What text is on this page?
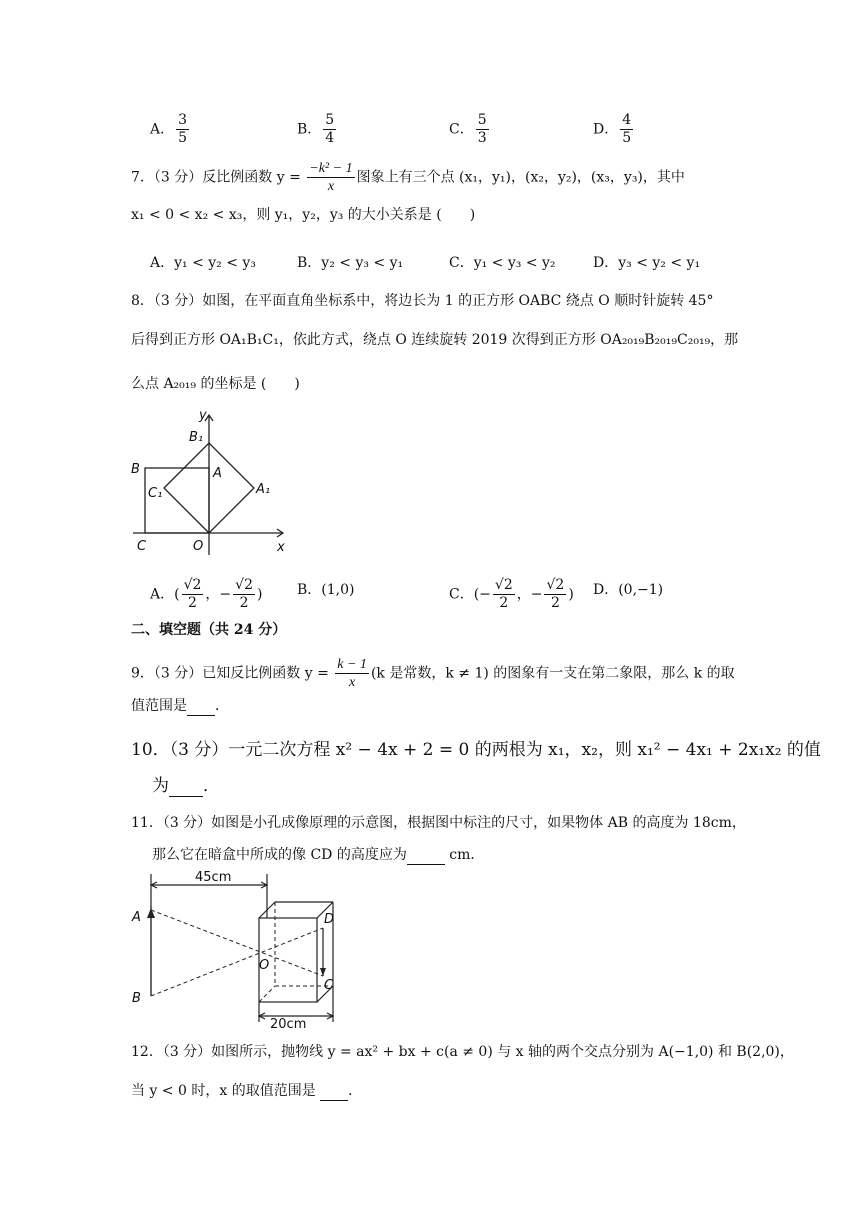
A． $\frac{3}{5}$	B． $\frac{5}{4}$	C． $\frac{5}{3}$	D． $\frac{4}{5}$
7．（3 分）反比例函数 $y = \frac{\text{−k² − 1}}{x}$ 图象上有三个点 (x₁，y₁)，(x₂，y₂)，(x₃，y₃)，其中
x₁ < 0 < x₂ < x₃，则 y₁，y₂，y₃ 的大小关系是 (　　)
A．y₁ < y₂ < y₃	B．y₂ < y₃ < y₁	C．y₁ < y₃ < y₂	D．y₃ < y₂ < y₁
8．（3 分）如图，在平面直角坐标系中，将边长为 1 的正方形 OABC 绕点 O 顺时针旋转 45°
后得到正方形 OA₁B₁C₁，依此方式，绕点 O 连续旋转 2019 次得到正方形 OA₂₀₁₉B₂₀₁₉C₂₀₁₉，那
么点 A₂₀₁₉ 的坐标是 (　　)
y
x
B₁
B	A
A₁
C₁
C	O
A．( $\frac{√2}{2}$ ，− $\frac{√2}{2}$ ) B．(1,0)	C．(− $\frac{√2}{2}$ ，− $\frac{√2}{2}$ ) D．(0,−1)
二、填空题（共 24 分）
9．（3 分）已知反比例函数 $y = \frac{k - 1}{x} (k$ 是常数，k ≠ 1) 的图象有一支在第二象限，那么 k 的取
值范围是 ．
10．（3 分）一元二次方程 x² − 4x + 2 = 0 的两根为 x₁，x₂，则 x₁² − 4x₁ + 2x₁x₂ 的值
为 ．
11．（3 分）如图是小孔成像原理的示意图，根据图中标注的尺寸，如果物体 AB 的高度为 18cm，
那么它在暗盒中所成的像 CD 的高度应为	cm．
45cm
20cm
A
B
O
C
D
12．（3 分）如图所示，抛物线 y = ax² + bx + c(a ≠ 0) 与 x 轴的两个交点分别为 A(−1,0) 和 B(2,0)，
当 y < 0 时，x 的取值范围是 ．
